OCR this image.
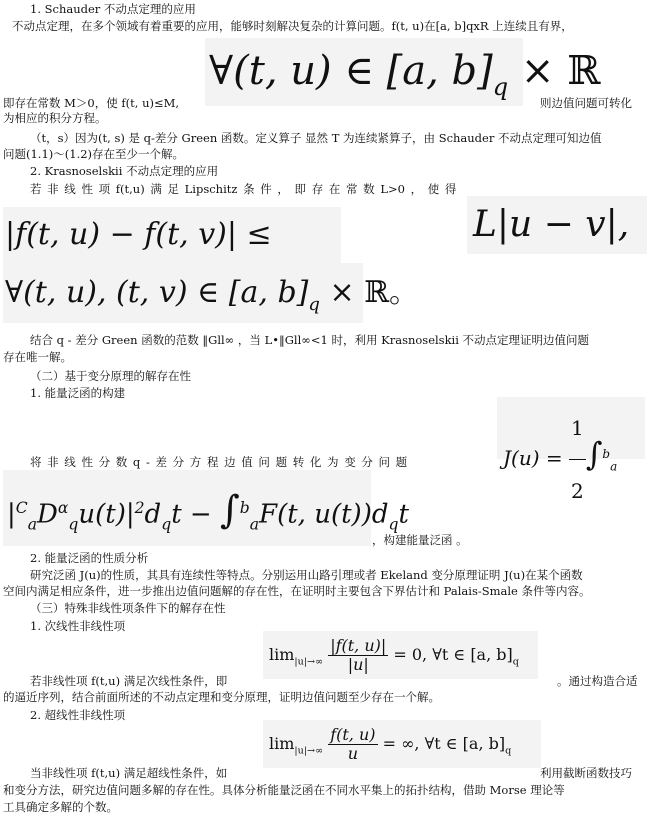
1. Schauder 不动点定理的应用
不动点定理，在多个领域有着重要的应用，能够时刻解决复杂的计算问题。f(t, u)在[a, b]qxR 上连续且有界，
∀(t, u) ∈ [a, $b]_q$ × ℝ
即存在常数 M＞0，使 f(t, u)≤M,	则边值问题可转化
为相应的积分方程。
（t，s）因为(t, s) 是 q-差分 Green 函数。定义算子 显然 T 为连续紧算子，由 Schauder 不动点定理可知边值
问题(1.1)～(1.2)存在至少一个解。
2. Krasnoselskii 不动点定理的应用
若 非 线 性 项 f(t,u) 满 足 Lipschitz 条 件 ， 即 存 在 常 数 L>0 ， 使 得
L|u − v|,
|f(t, u) − f(t, v)| ≤
∀(t, u), (t, v) ∈ [a, $b]_q$ × ℝ。
结合 q - 差分 Green 函数的范数 ‖Gll∞ ，当 L•‖Gll∞<1 时，利用 Krasnoselskii 不动点定理证明边值问题
存在唯一解。
（二）基于变分原理的解存在性
1. 能量泛函的构建
$J(u) = \frac{1}{2} \int^b_a$
将 非 线 性 分 数 q - 差 分 方 程 边 值 问 题 转 化 为 变 分 问 题
$|^C_aD^\alpha_qu(t)|^2d_qt - \int^b_aF(t$, $u(t))d_qt$
，构建能量泛函 。
2. 能量泛函的性质分析
研究泛函 J(u)的性质，其具有连续性等特点。分别运用山路引理或者 Ekeland 变分原理证明 J(u)在某个函数
空间内满足相应条件，进一步推出边值问题解的存在性，在证明时主要包含下界估计和 Palais-Smale 条件等内容。
（三）特殊非线性项条件下的解存在性
1. 次线性非线性项
$\lim_{|u|\to\infty} \frac{|f(t, u)|}{|u|} = 0$, ∀t ∈ [a, $b]_q$
若非线性项 f(t,u) 满足次线性条件，即	。通过构造合适
的逼近序列，结合前面所述的不动点定理和变分原理，证明边值问题至少存在一个解。
2. 超线性非线性项
$\lim_{|u|\to\infty} \frac{f(t, u)}{u}$ = ∞, ∀t ∈ [a, $b]_q$
当非线性项 f(t,u) 满足超线性条件，如	利用截断函数技巧
和变分方法，研究边值问题多解的存在性。具体分析能量泛函在不同水平集上的拓扑结构，借助 Morse 理论等
工具确定多解的个数。
